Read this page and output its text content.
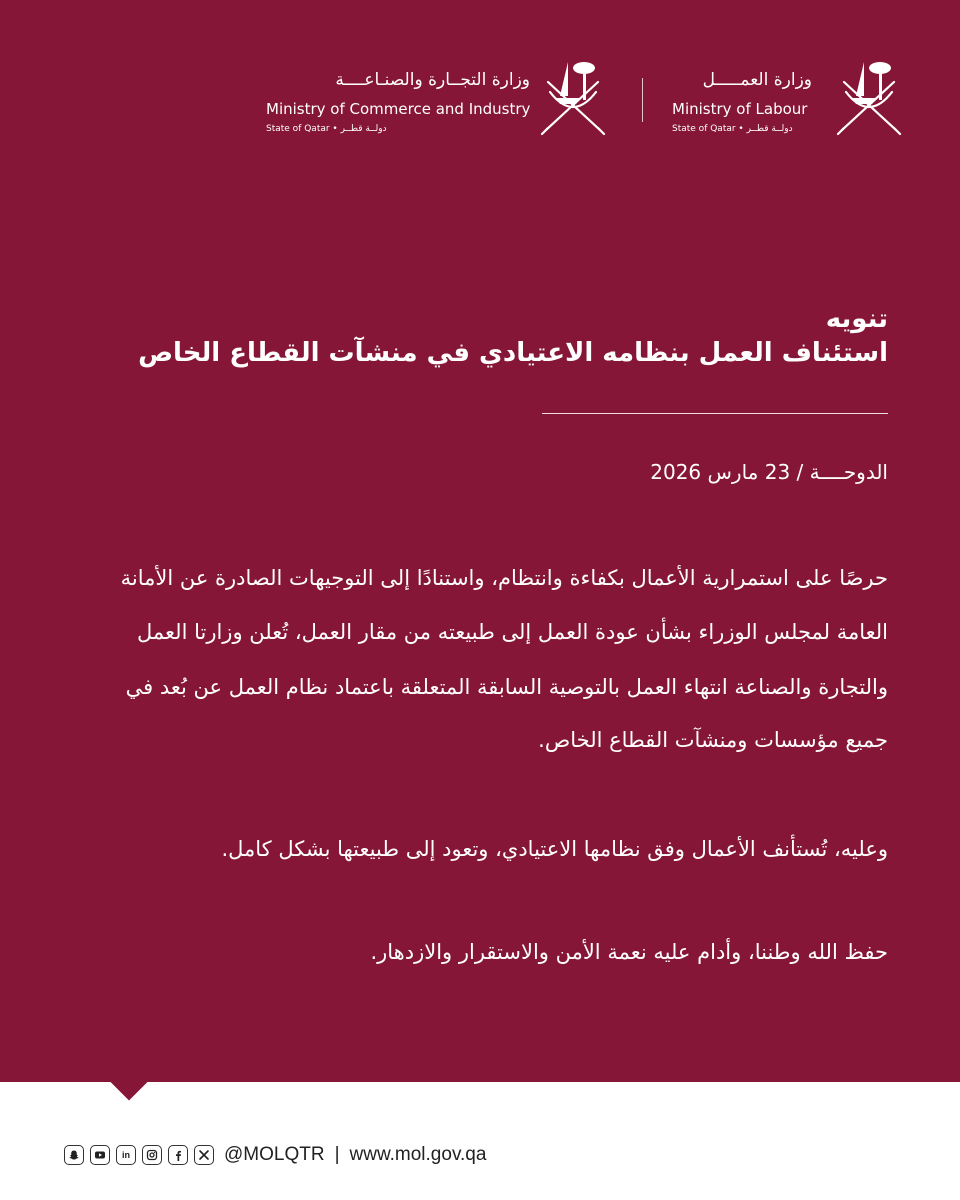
وزارة التجــارة والصنـاعــــة
Ministry of Commerce and Industry
State of Qatar • دولــة قطــر
وزارة العمـــــل
Ministry of Labour
State of Qatar • دولــة قطــر
تنويه
استئناف العمل بنظامه الاعتيادي في منشآت القطاع الخاص
الدوحــــة / 23 مارس 2026
حرصًا على استمرارية الأعمال بكفاءة وانتظام، واستنادًا إلى التوجيهات الصادرة عن الأمانة
العامة لمجلس الوزراء بشأن عودة العمل إلى طبيعته من مقار العمل، تُعلن وزارتا العمل
والتجارة والصناعة انتهاء العمل بالتوصية السابقة المتعلقة باعتماد نظام العمل عن بُعد في
جميع مؤسسات ومنشآت القطاع الخاص.
وعليه، تُستأنف الأعمال وفق نظامها الاعتيادي، وتعود إلى طبيعتها بشكل كامل.
حفظ الله وطننا، وأدام عليه نعمة الأمن والاستقرار والازدهار.
in	@MOLQTR | www.mol.gov.qa
